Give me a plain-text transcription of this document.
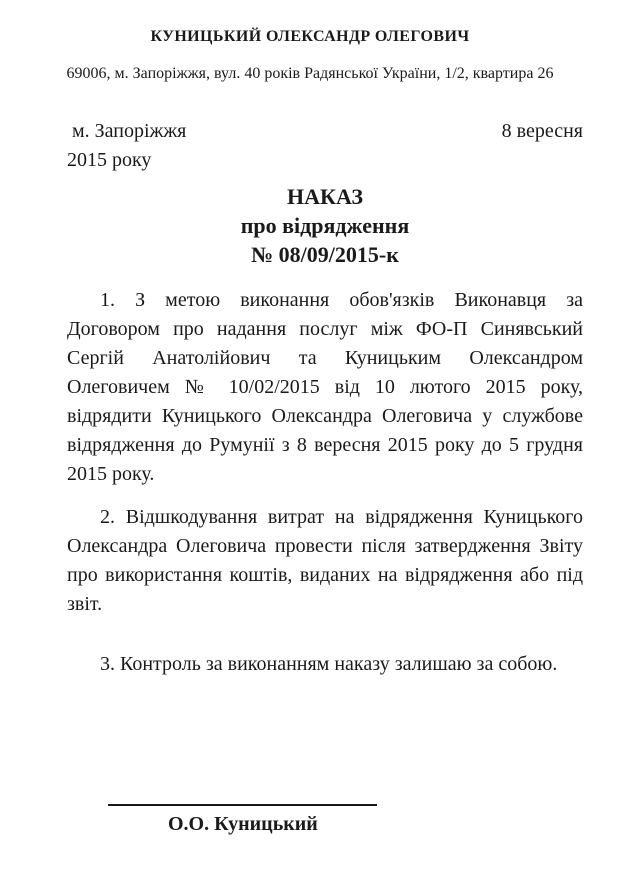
КУНИЦЬКИЙ ОЛЕКСАНДР ОЛЕГОВИЧ
69006, м. Запоріжжя, вул. 40 років Радянської України, 1/2, квартира 26
м. Запоріжжя	8 вересня
2015 року
НАКАЗ
про відрядження
№ 08/09/2015-к

1. З метою виконання обов'язків Виконавця за Договором про надання послуг між ФО-П Синявський Сергій Анатолійович та Куницьким Олександром Олеговичем № 10/02/2015 від 10 лютого 2015 року, відрядити Куницького Олександра Олеговича у службове відрядження до Румунії з 8 вересня 2015 року до 5 грудня 2015 року.

2. Відшкодування витрат на відрядження Куницького Олександра Олеговича провести після затвердження Звіту про використання коштів, виданих на відрядження або під звіт.

3. Контроль за виконанням наказу залишаю за собою.

О.О. Куницький
